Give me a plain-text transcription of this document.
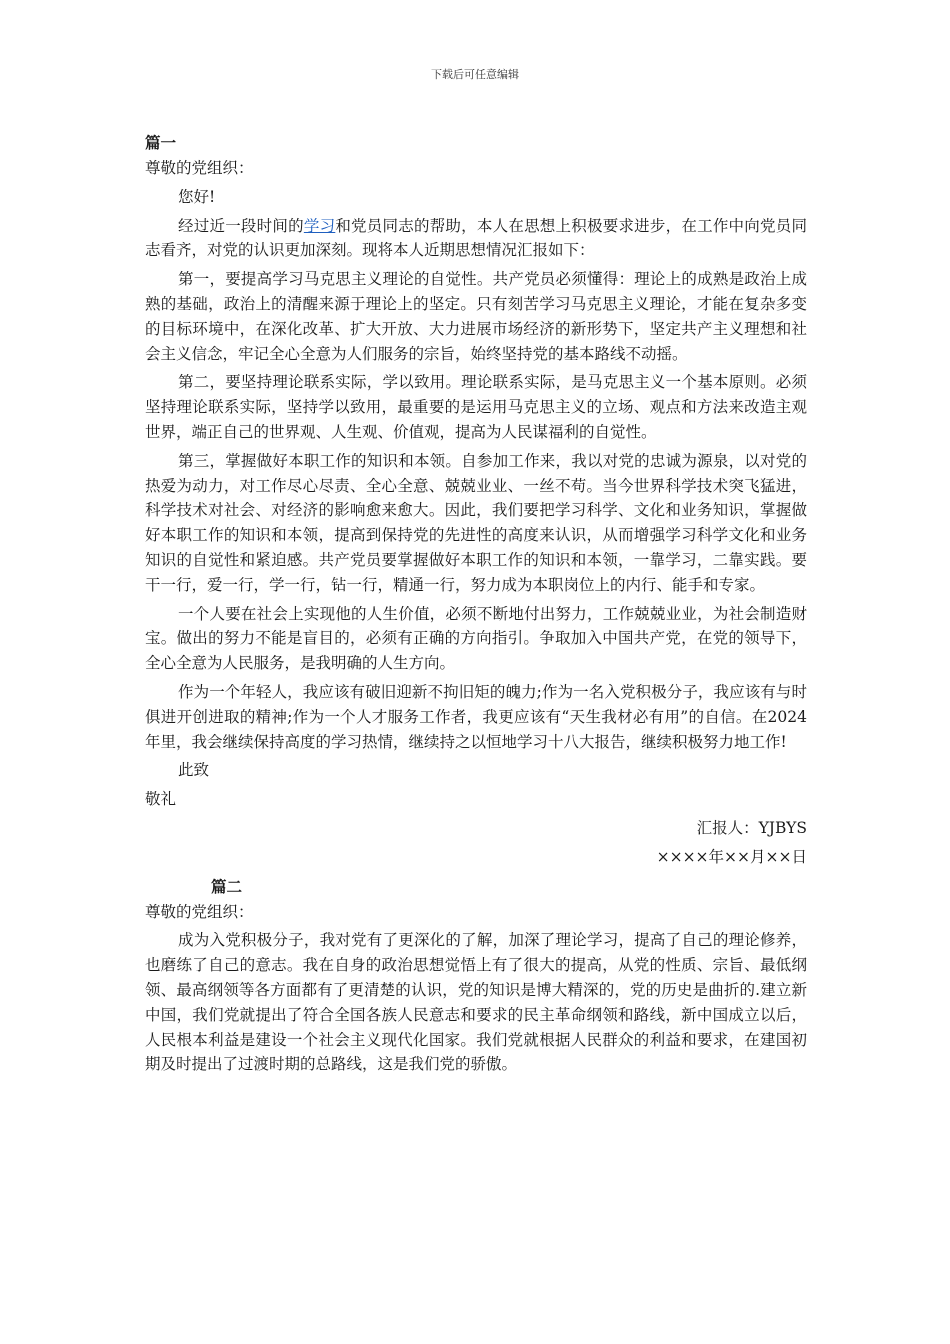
下载后可任意编辑

篇一

尊敬的党组织：

您好!

经过近一段时间的学习和党员同志的帮助，本人在思想上积极要求进步，在工作中向党员同志看齐，对党的认识更加深刻。现将本人近期思想情况汇报如下：

第一，要提高学习马克思主义理论的自觉性。共产党员必须懂得：理论上的成熟是政治上成熟的基础，政治上的清醒来源于理论上的坚定。只有刻苦学习马克思主义理论，才能在复杂多变的目标环境中，在深化改革、扩大开放、大力进展市场经济的新形势下，坚定共产主义理想和社会主义信念，牢记全心全意为人们服务的宗旨，始终坚持党的基本路线不动摇。

第二，要坚持理论联系实际，学以致用。理论联系实际，是马克思主义一个基本原则。必须坚持理论联系实际，坚持学以致用，最重要的是运用马克思主义的立场、观点和方法来改造主观世界，端正自己的世界观、人生观、价值观，提高为人民谋福利的自觉性。

第三，掌握做好本职工作的知识和本领。自参加工作来，我以对党的忠诚为源泉，以对党的热爱为动力，对工作尽心尽责、全心全意、兢兢业业、一丝不苟。当今世界科学技术突飞猛进，科学技术对社会、对经济的影响愈来愈大。因此，我们要把学习科学、文化和业务知识，掌握做好本职工作的知识和本领，提高到保持党的先进性的高度来认识，从而增强学习科学文化和业务知识的自觉性和紧迫感。共产党员要掌握做好本职工作的知识和本领，一靠学习，二靠实践。要干一行，爱一行，学一行，钻一行，精通一行，努力成为本职岗位上的内行、能手和专家。

一个人要在社会上实现他的人生价值，必须不断地付出努力，工作兢兢业业，为社会制造财宝。做出的努力不能是盲目的，必须有正确的方向指引。争取加入中国共产党，在党的领导下，全心全意为人民服务，是我明确的人生方向。

作为一个年轻人，我应该有破旧迎新不拘旧矩的魄力;作为一名入党积极分子，我应该有与时俱进开创进取的精神;作为一个人才服务工作者，我更应该有“天生我材必有用”的自信。在2024年里，我会继续保持高度的学习热情，继续持之以恒地学习十八大报告，继续积极努力地工作!

此致

敬礼

汇报人：YJBYS

××××年××月××日

篇二

尊敬的党组织：

成为入党积极分子，我对党有了更深化的了解，加深了理论学习，提高了自己的理论修养，也磨练了自己的意志。我在自身的政治思想觉悟上有了很大的提高，从党的性质、宗旨、最低纲领、最高纲领等各方面都有了更清楚的认识，党的知识是博大精深的，党的历史是曲折的.建立新中国，我们党就提出了符合全国各族人民意志和要求的民主革命纲领和路线，新中国成立以后，人民根本利益是建设一个社会主义现代化国家。我们党就根据人民群众的利益和要求，在建国初期及时提出了过渡时期的总路线，这是我们党的骄傲。
